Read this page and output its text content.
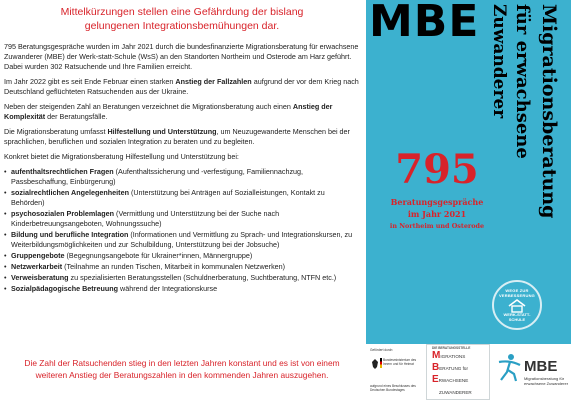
Mittelkürzungen stellen eine Gefährdung der bislang
gelungenen Integrationsbemühungen dar.

795 Beratungsgespräche wurden im Jahr 2021 durch die bundesfinanzierte Migrationsberatung für erwachsene Zuwanderer (MBE) der Werk-statt-Schule (WsS) an den Standorten Northeim und Osterode am Harz geführt. Dabei wurden 302 Ratsuchende und Ihre Familien erreicht.

Im Jahr 2022 gibt es seit Ende Februar einen starken Anstieg der Fallzahlen aufgrund der vor dem Krieg nach Deutschland geflüchteten Ratsuchenden aus der Ukraine.

Neben der steigenden Zahl an Beratungen verzeichnet die Migrationsberatung auch einen Anstieg der Komplexität der Beratungsfälle.

Die Migrationsberatung umfasst Hilfestellung und Unterstützung, um Neuzugewanderte Menschen bei der sprachlichen, beruflichen und sozialen Integration zu beraten und zu begleiten.

Konkret bietet die Migrationsberatung Hilfestellung und Unterstützung bei:

• aufenthaltsrechtlichen Fragen (Aufenthaltssicherung und -verfestigung, Familiennachzug, Passbeschaffung, Einbürgerung)
• sozialrechtlichen Angelegenheiten (Unterstützung bei Anträgen auf Sozialleistungen, Kontakt zu Behörden)
• psychosozialen Problemlagen (Vermittlung und Unterstützung bei der Suche nach Kinderbetreuungsangeboten, Wohnungssuche)
• Bildung und berufliche Integration (Informationen und Vermittlung zu Sprach- und Integrationskursen, zu Weiterbildungsmöglichkeiten und zur Schulbildung, Unterstützung bei der Jobsuche)
• Gruppengebote (Begegnungsangebote für Ukrainer*innen, Männergruppe)
• Netzwerkarbeit (Teilnahme an runden Tischen, Mitarbeit in kommunalen Netzwerken)
• Verweisberatung zu spezialisierten Beratungsstellen (Schuldnerberatung, Suchtberatung, NTFN etc.)
• Sozialpädagogische Betreuung während der Integrationskurse
Die Zahl der Ratsuchenden stieg in den letzten Jahren konstant und es ist von einem
weiteren Anstieg der Beratungszahlen in den kommenden Jahren auszugehen.
MBE	Migrationsberatung
für erwachsene
Zuwanderer
795
Beratungsgespräche
im Jahr 2021
in Northeim und Osterode
WEGE ZUR VERBESSERUNG
WERK-STATT-SCHULE
Gefördert durch:
Bundesministerium des Innern und für Heimat
aufgrund eines Beschlusses des Deutschen Bundestages
DIE BERATUNGSSTELLE
MIGRATIONS
BERATUNG für
ERWACHSENE
ZUWANDERER
MBE
Migrationsberatung für erwachsene Zuwanderer
